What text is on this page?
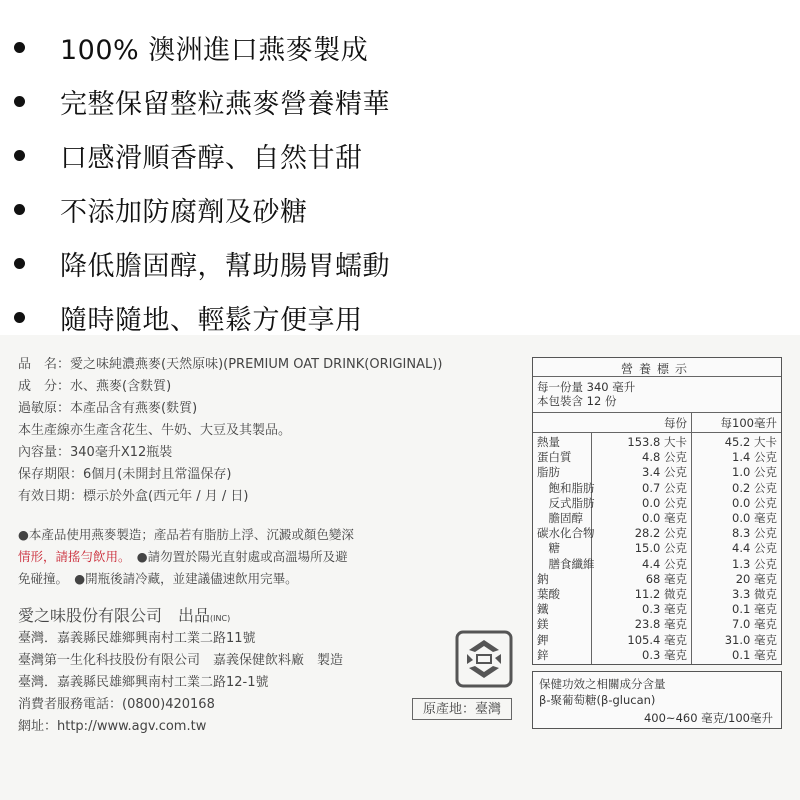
100% 澳洲進口燕麥製成
完整保留整粒燕麥營養精華
口感滑順香醇、自然甘甜
不添加防腐劑及砂糖
降低膽固醇，幫助腸胃蠕動
隨時隨地、輕鬆方便享用
品　名：愛之味純濃燕麥(天然原味)(PREMIUM OAT DRINK(ORIGINAL))
成　分：水、燕麥(含麩質)
過敏原：本產品含有燕麥(麩質)
本生產線亦生產含花生、牛奶、大豆及其製品。
內容量：340毫升X12瓶裝
保存期限：6個月(未開封且常溫保存)
有效日期：標示於外盒(西元年 / 月 / 日)
●本產品使用燕麥製造；產品若有脂肪上浮、沉澱或顏色變深
情形，請搖勻飲用。　●請勿置於陽光直射處或高溫場所及避
免碰撞。　●開瓶後請冷藏，並建議儘速飲用完畢。
愛之味股份有限公司　出品(INC)
臺灣．嘉義縣民雄鄉興南村工業二路11號
臺灣第一生化科技股份有限公司　嘉義保健飲料廠　製造
臺灣．嘉義縣民雄鄉興南村工業二路12-1號
消費者服務電話：(0800)420168
網址：http://www.agv.com.tw
原產地：臺灣
營養標示
每一份量 340 毫升
本包裝含 12 份
每份	每100毫升
熱量	153.8 大卡	45.2 大卡
蛋白質	4.8 公克	1.4 公克
脂肪	3.4 公克	1.0 公克
　飽和脂肪	0.7 公克	0.2 公克
　反式脂肪	0.0 公克	0.0 公克
　膽固醇	0.0 毫克	0.0 毫克
碳水化合物	28.2 公克	8.3 公克
　糖	15.0 公克	4.4 公克
　膳食纖維	4.4 公克	1.3 公克
鈉	68 毫克	20 毫克
葉酸	11.2 微克	3.3 微克
鐵	0.3 毫克	0.1 毫克
鎂	23.8 毫克	7.0 毫克
鉀	105.4 毫克	31.0 毫克
鋅	0.3 毫克	0.1 毫克
保健功效之相關成分含量
β-聚葡萄糖(β-glucan)
400~460 毫克/100毫升
